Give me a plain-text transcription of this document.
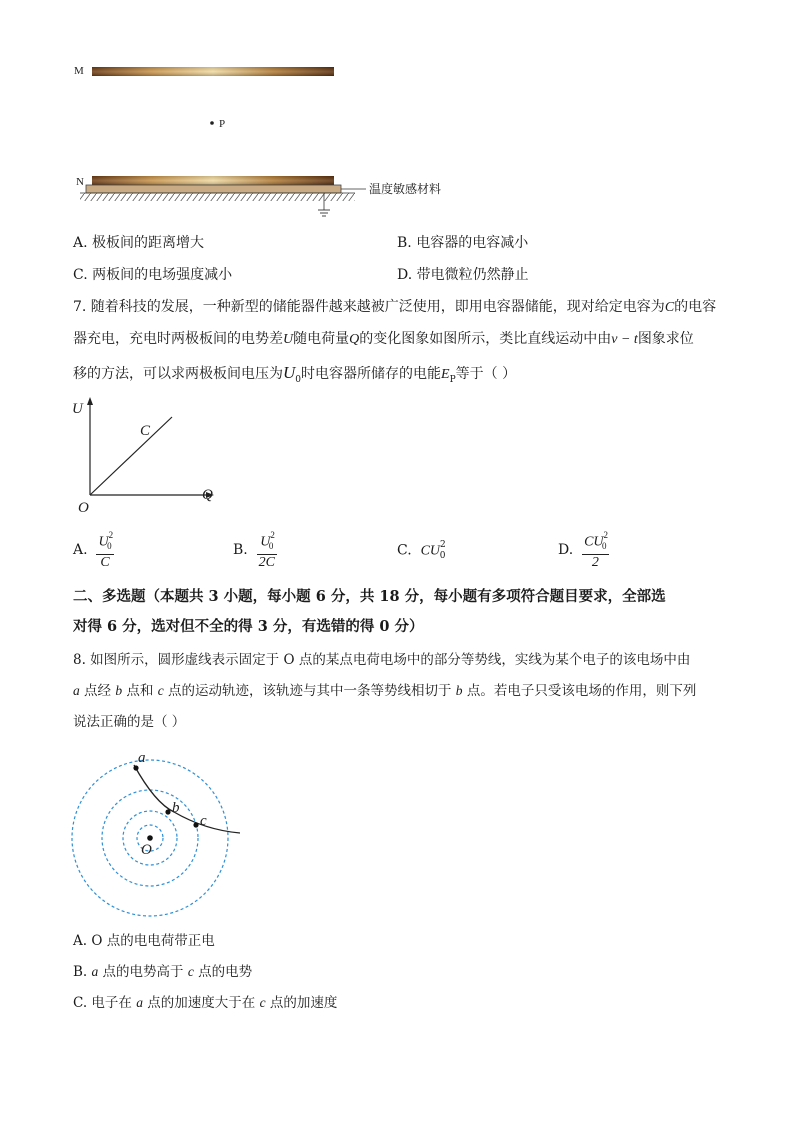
M
P
N	温度敏感材料
A. 极板间的距离增大	B. 电容器的电容减小
C. 两板间的电场强度减小	D. 带电微粒仍然静止
7. 随着科技的发展，一种新型的储能器件越来越被广泛使用，即用电容器储能，现对给定电容为C的电容
器充电，充电时两极板间的电势差U随电荷量Q的变化图象如图所示，类比直线运动中由v − t图象求位
移的方法，可以求两极板间电压为$U_0$时电容器所储存的电能$E_P$等于（ ）
U
Q
O
C
A. $\frac{U^2_0}{C}$	B. $\frac{U^2_0}{2C}$	C. $CU^2_0$	D. $\frac{CU^2_0}{2}$
二、多选题（本题共 3 小题，每小题 6 分，共 18 分，每小题有多项符合题目要求，全部选
对得 6 分，选对但不全的得 3 分，有选错的得 0 分）
8. 如图所示，圆形虚线表示固定于 O 点的某点电荷电场中的部分等势线，实线为某个电子的该电场中由
a 点经 b 点和 c 点的运动轨迹，该轨迹与其中一条等势线相切于 b 点。若电子只受该电场的作用，则下列
说法正确的是（ ）
a
b
c
O
A. O 点的电电荷带正电
B. a 点的电势高于 c 点的电势
C. 电子在 a 点的加速度大于在 c 点的加速度
